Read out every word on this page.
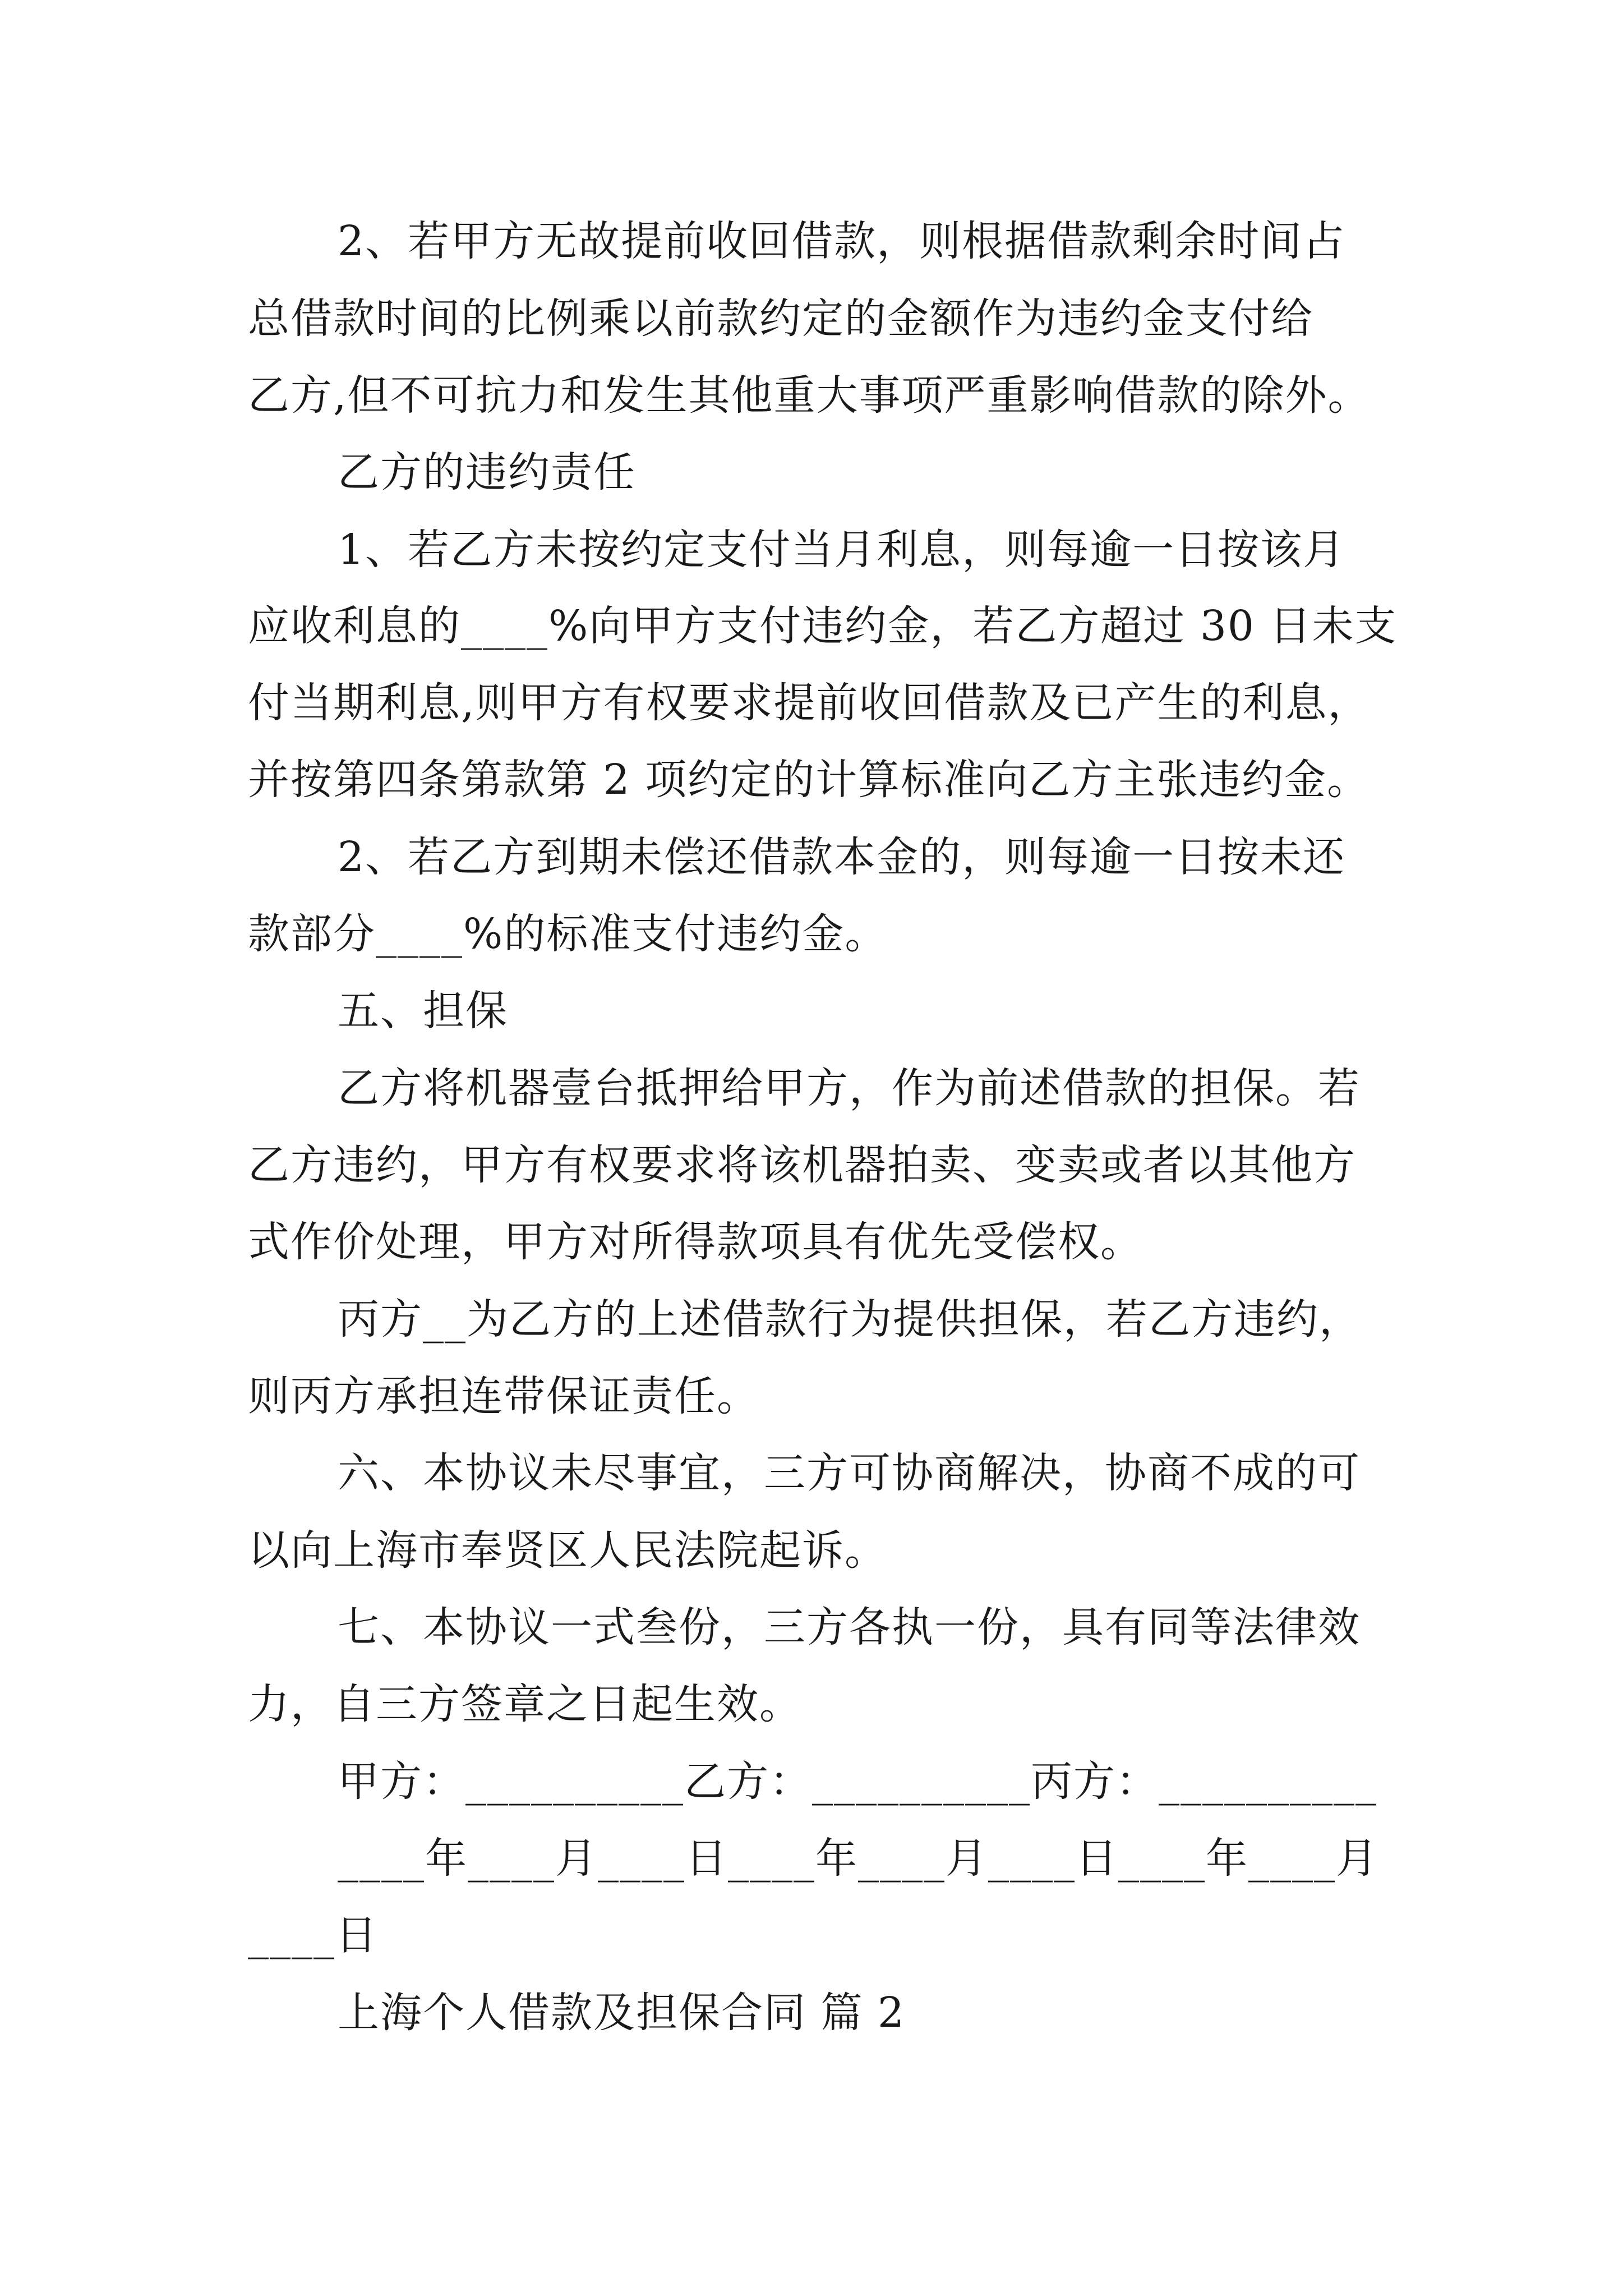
2、若甲方无故提前收回借款，则根据借款剩余时间占

总借款时间的比例乘以前款约定的金额作为违约金支付给

乙方,但不可抗力和发生其他重大事项严重影响借款的除外。

乙方的违约责任

1、若乙方未按约定支付当月利息，则每逾一日按该月

应收利息的____%向甲方支付违约金，若乙方超过 30 日未支

付当期利息,则甲方有权要求提前收回借款及已产生的利息，

并按第四条第款第 2 项约定的计算标准向乙方主张违约金。

2、若乙方到期未偿还借款本金的，则每逾一日按未还

款部分____%的标准支付违约金。

五、担保

乙方将机器壹台抵押给甲方，作为前述借款的担保。若

乙方违约，甲方有权要求将该机器拍卖、变卖或者以其他方

式作价处理，甲方对所得款项具有优先受偿权。

丙方__为乙方的上述借款行为提供担保，若乙方违约，

则丙方承担连带保证责任。

六、本协议未尽事宜，三方可协商解决，协商不成的可

以向上海市奉贤区人民法院起诉。

七、本协议一式叁份，三方各执一份，具有同等法律效

力，自三方签章之日起生效。

甲方：__________乙方：__________丙方：__________

____年____月____日____年____月____日____年____月

____日

上海个人借款及担保合同 篇 2
